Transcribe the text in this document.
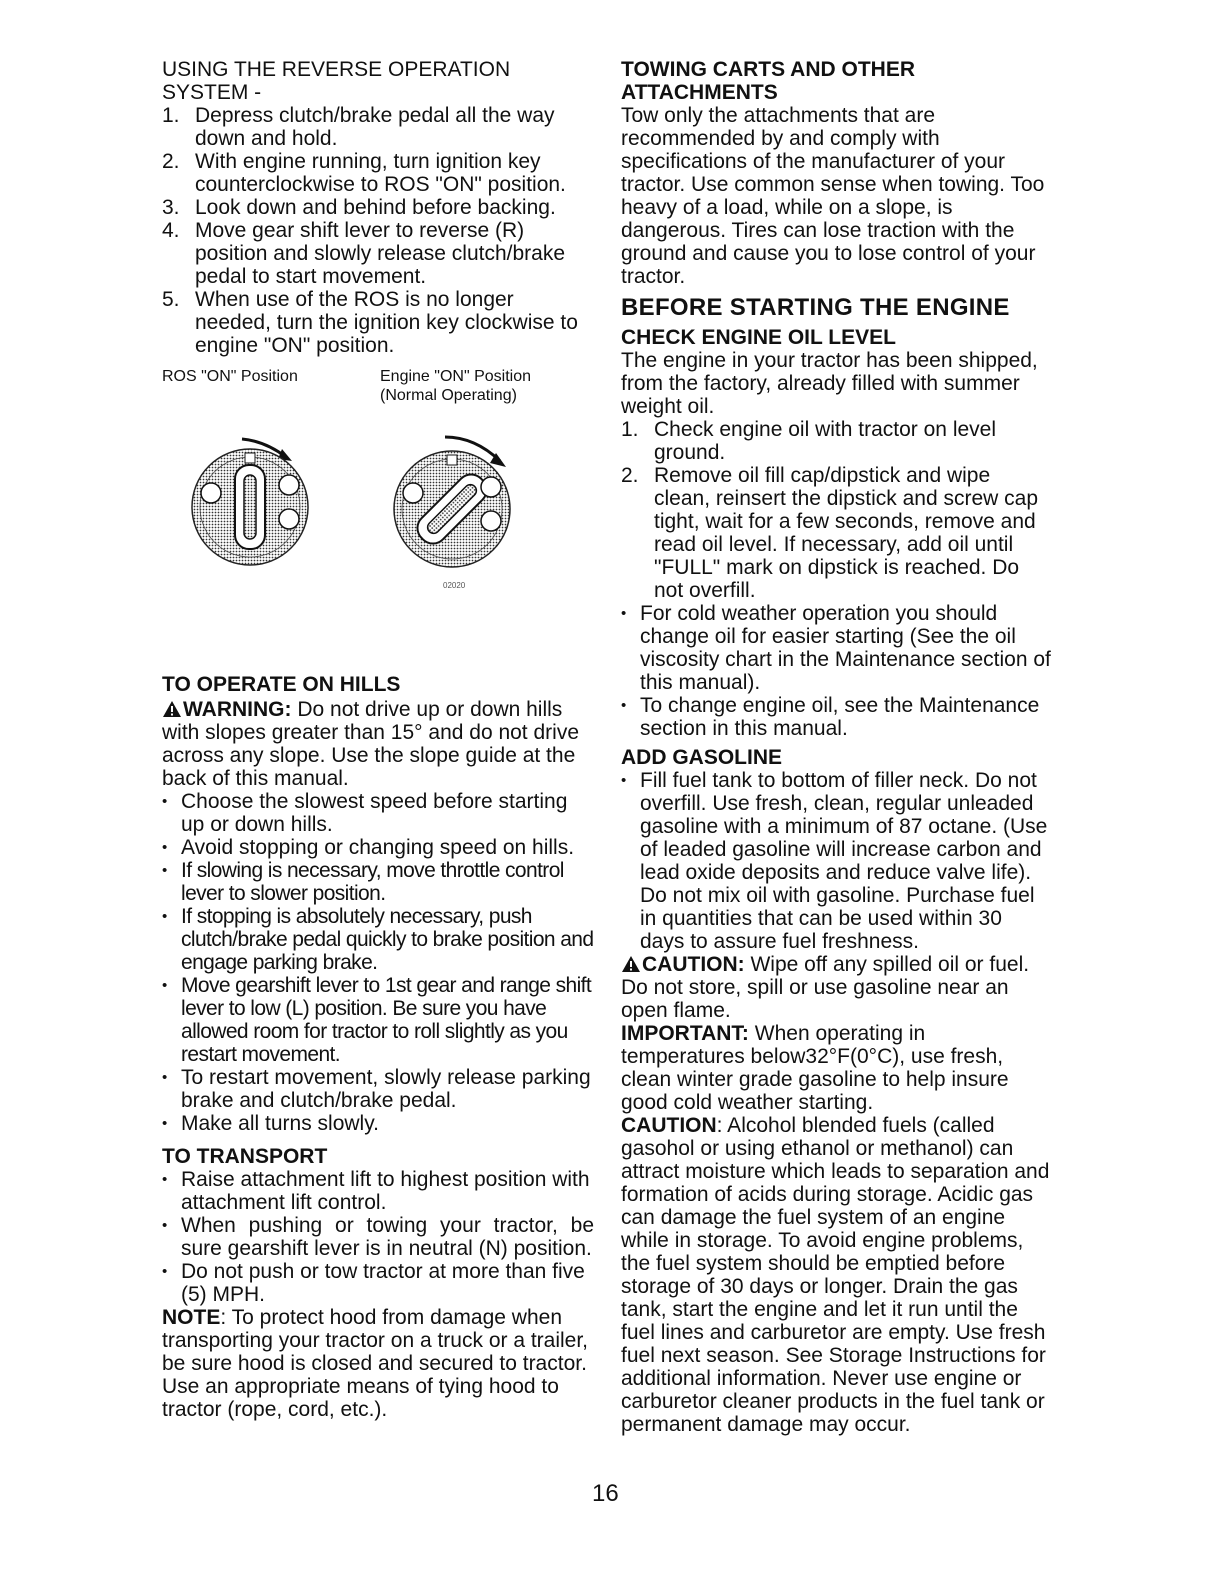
USING THE REVERSE OPERATION
SYSTEM -
1. Depress clutch/brake pedal all the way down and hold.
2. With engine running, turn ignition key counterclockwise to ROS "ON" position.
3. Look down and behind before backing.
4. Move gear shift lever to reverse (R) position and slowly release clutch/brake pedal to start movement.
5. When use of the ROS is no longer needed, turn the ignition key clockwise to engine "ON" position.
ROS "ON" Position	Engine "ON" Position
(Normal Operating)
02020
TO OPERATE ON HILLS

WARNING: Do not drive up or down hills with slopes greater than 15° and do not drive across any slope. Use the slope guide at the back of this manual.

• Choose the slowest speed before starting up or down hills.
• Avoid stopping or changing speed on hills.
• If slowing is necessary, move throttle control lever to slower position.
• If stopping is absolutely necessary, push clutch/brake pedal quickly to brake position and engage parking brake.
• Move gearshift lever to 1st gear and range shift lever to low (L) position. Be sure you have allowed room for tractor to roll slightly as you restart movement.
• To restart movement, slowly release parking brake and clutch/brake pedal.
• Make all turns slowly.
TO TRANSPORT
• Raise attachment lift to highest position with attachment lift control.
• When pushing or towing your tractor, be sure gearshift lever is in neutral (N) position.
• Do not push or tow tractor at more than five (5) MPH.

NOTE: To protect hood from damage when transporting your tractor on a truck or a trailer, be sure hood is closed and secured to tractor. Use an appropriate means of tying hood to tractor (rope, cord, etc.).

TOWING CARTS AND OTHER ATTACHMENTS

Tow only the attachments that are recommended by and comply with specifications of the manufacturer of your tractor. Use common sense when towing. Too heavy of a load, while on a slope, is dangerous. Tires can lose traction with the ground and cause you to lose control of your tractor.

BEFORE STARTING THE ENGINE
CHECK ENGINE OIL LEVEL

The engine in your tractor has been shipped, from the factory, already filled with summer weight oil.

1. Check engine oil with tractor on level ground.
2. Remove oil fill cap/dipstick and wipe clean, reinsert the dipstick and screw cap tight, wait for a few seconds, remove and read oil level. If necessary, add oil until "FULL" mark on dipstick is reached. Do not overfill.
• For cold weather operation you should change oil for easier starting (See the oil viscosity chart in the Maintenance section of this manual).
• To change engine oil, see the Maintenance section in this manual.
ADD GASOLINE
• Fill fuel tank to bottom of filler neck. Do not overfill. Use fresh, clean, regular unleaded gasoline with a minimum of 87 octane. (Use of leaded gasoline will increase carbon and lead oxide deposits and reduce valve life). Do not mix oil with gasoline. Purchase fuel in quantities that can be used within 30 days to assure fuel freshness.

CAUTION: Wipe off any spilled oil or fuel. Do not store, spill or use gasoline near an open flame.

IMPORTANT: When operating in temperatures below32°F(0°C), use fresh, clean winter grade gasoline to help insure good cold weather starting.

CAUTION: Alcohol blended fuels (called gasohol or using ethanol or methanol) can attract moisture which leads to separation and formation of acids during storage. Acidic gas can damage the fuel system of an engine while in storage. To avoid engine problems, the fuel system should be emptied before storage of 30 days or longer. Drain the gas tank, start the engine and let it run until the fuel lines and carburetor are empty. Use fresh fuel next season. See Storage Instructions for additional information. Never use engine or carburetor cleaner products in the fuel tank or permanent damage may occur.

16
